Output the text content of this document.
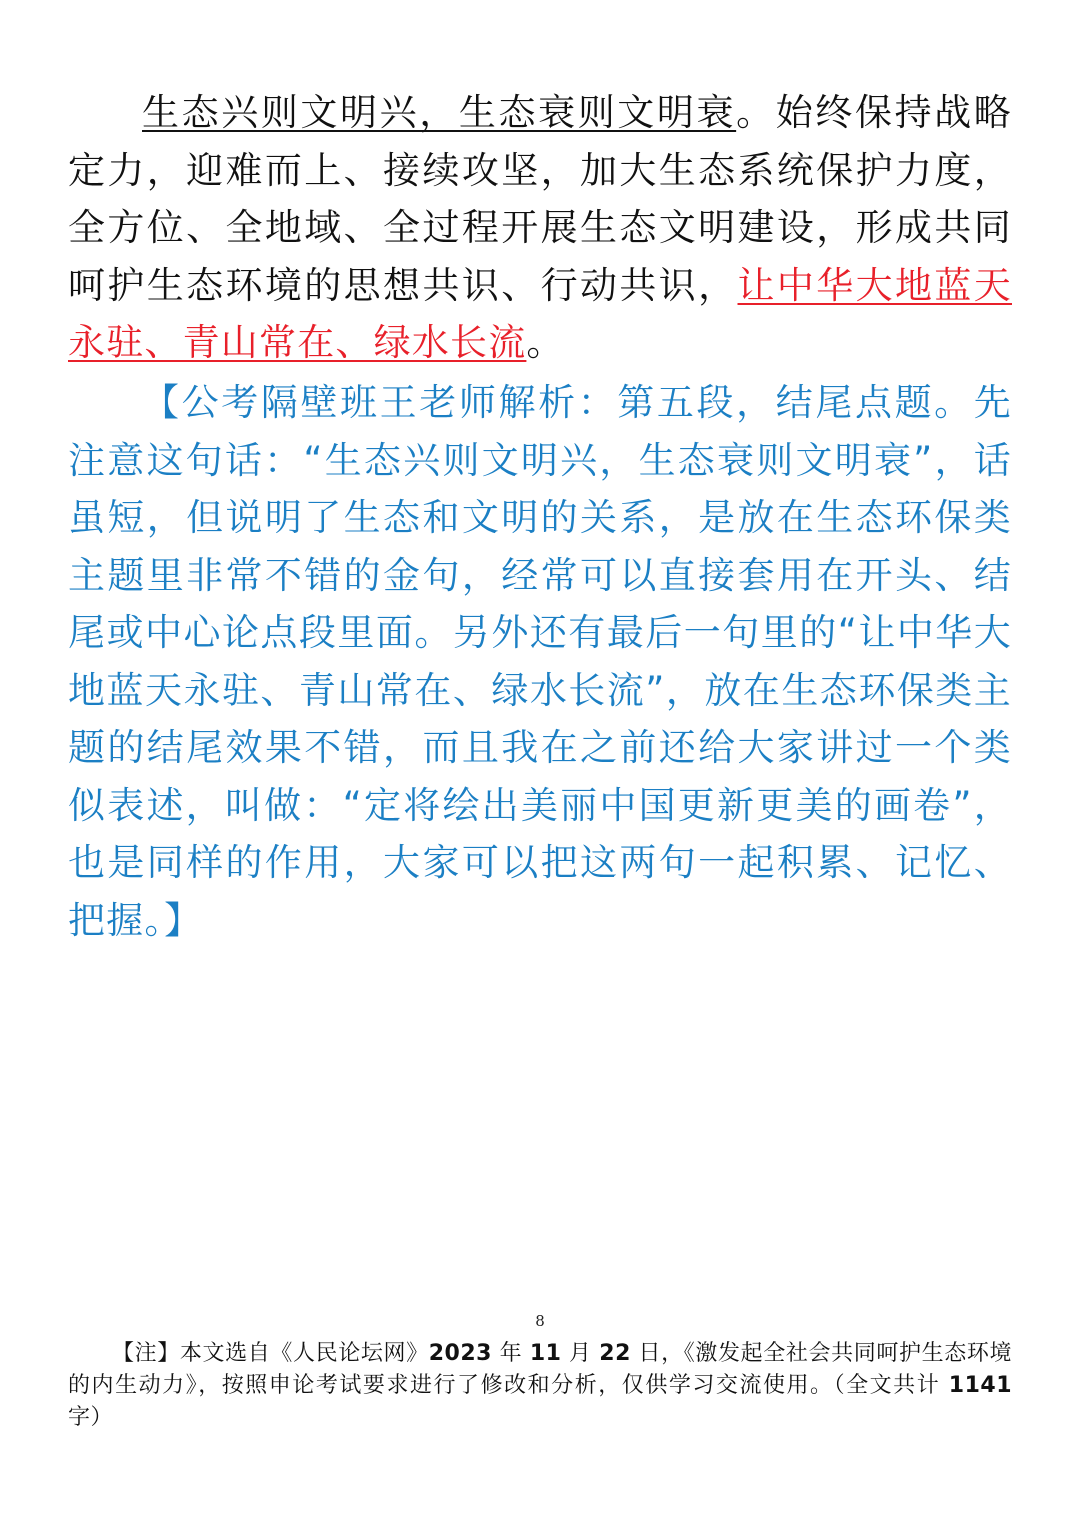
生态兴则文明兴，生态衰则文明衰。始终保持战略定力，迎难而上、接续攻坚，加大生态系统保护力度，全方位、全地域、全过程开展生态文明建设，形成共同呵护生态环境的思想共识、行动共识，让中华大地蓝天永驻、青山常在、绿水长流。

【公考隔壁班王老师解析：第五段，结尾点题。先注意这句话：“生态兴则文明兴，生态衰则文明衰”，话虽短，但说明了生态和文明的关系，是放在生态环保类主题里非常不错的金句，经常可以直接套用在开头、结尾或中心论点段里面。另外还有最后一句里的“让中华大地蓝天永驻、青山常在、绿水长流”，放在生态环保类主题的结尾效果不错，而且我在之前还给大家讲过一个类似表述，叫做：“定将绘出美丽中国更新更美的画卷”，也是同样的作用，大家可以把这两句一起积累、记忆、把握。】

8

【注】本文选自《人民论坛网》2023 年 11 月 22 日，《激发起全社会共同呵护生态环境的内生动力》，按照申论考试要求进行了修改和分析，仅供学习交流使用。（全文共计 1141 字）
